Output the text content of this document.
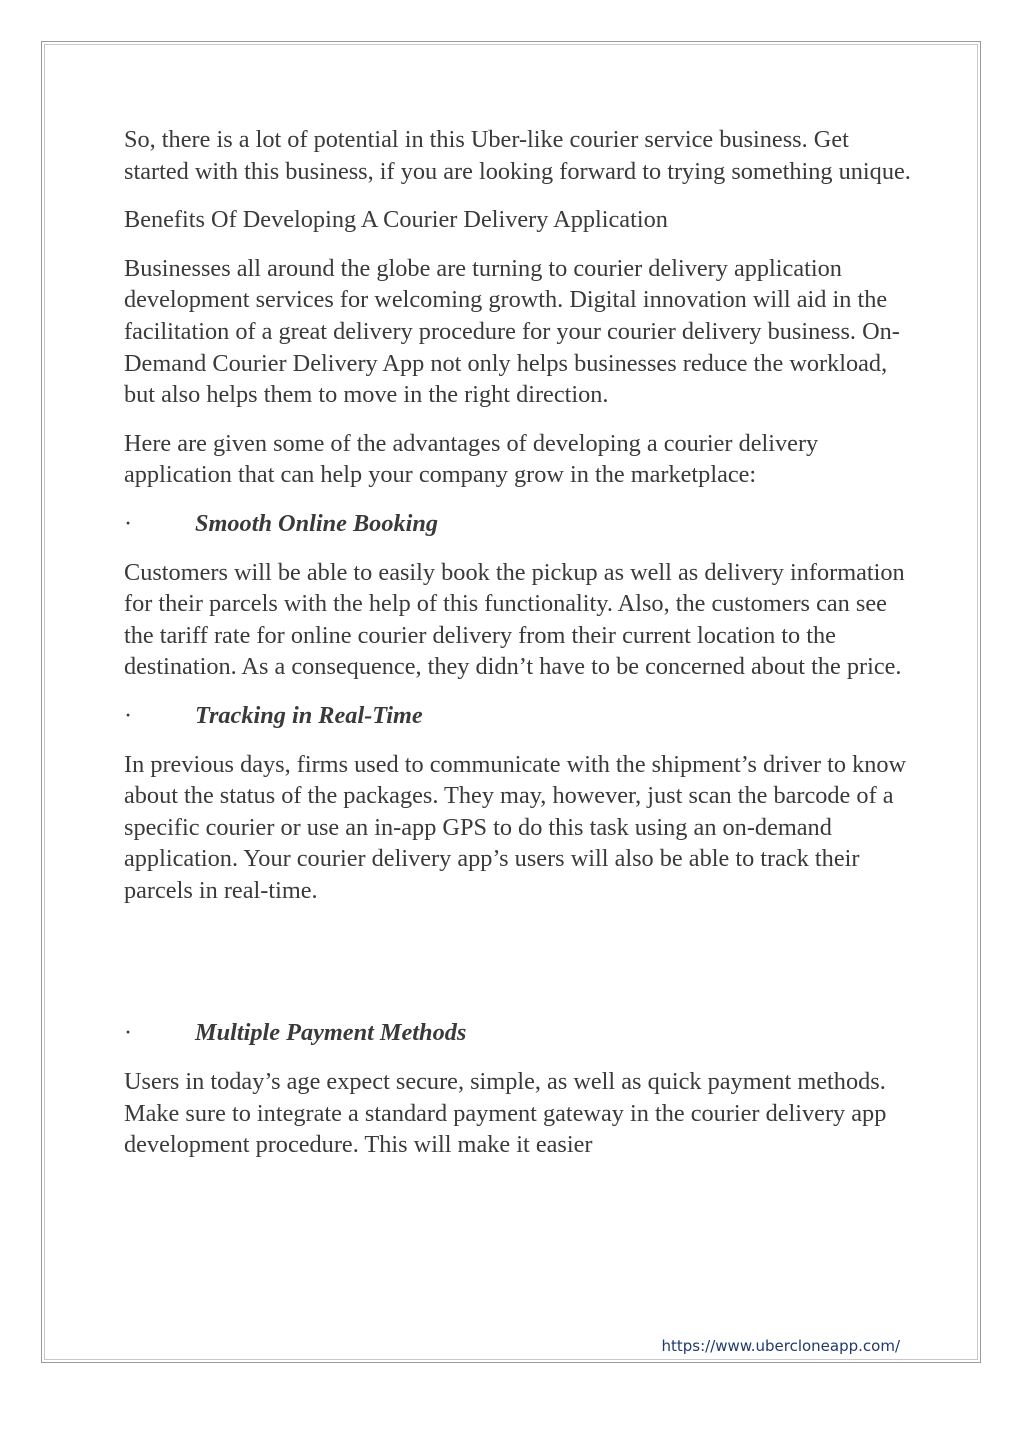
So, there is a lot of potential in this Uber-like courier service business. Get started with this business, if you are looking forward to trying something unique.

Benefits Of Developing A Courier Delivery Application

Businesses all around the globe are turning to courier delivery application development services for welcoming growth. Digital innovation will aid in the facilitation of a great delivery procedure for your courier delivery business. On-Demand Courier Delivery App not only helps businesses reduce the workload, but also helps them to move in the right direction.

Here are given some of the advantages of developing a courier delivery application that can help your company grow in the marketplace:

·	Smooth Online Booking

Customers will be able to easily book the pickup as well as delivery information for their parcels with the help of this functionality. Also, the customers can see the tariff rate for online courier delivery from their current location to the destination. As a consequence, they didn’t have to be concerned about the price.

·	Tracking in Real-Time

In previous days, firms used to communicate with the shipment’s driver to know about the status of the packages. They may, however, just scan the barcode of a specific courier or use an in-app GPS to do this task using an on-demand application. Your courier delivery app’s users will also be able to track their parcels in real-time.

·	Multiple Payment Methods

Users in today’s age expect secure, simple, as well as quick payment methods. Make sure to integrate a standard payment gateway in the courier delivery app development procedure. This will make it easier

https://www.ubercloneapp.com/
